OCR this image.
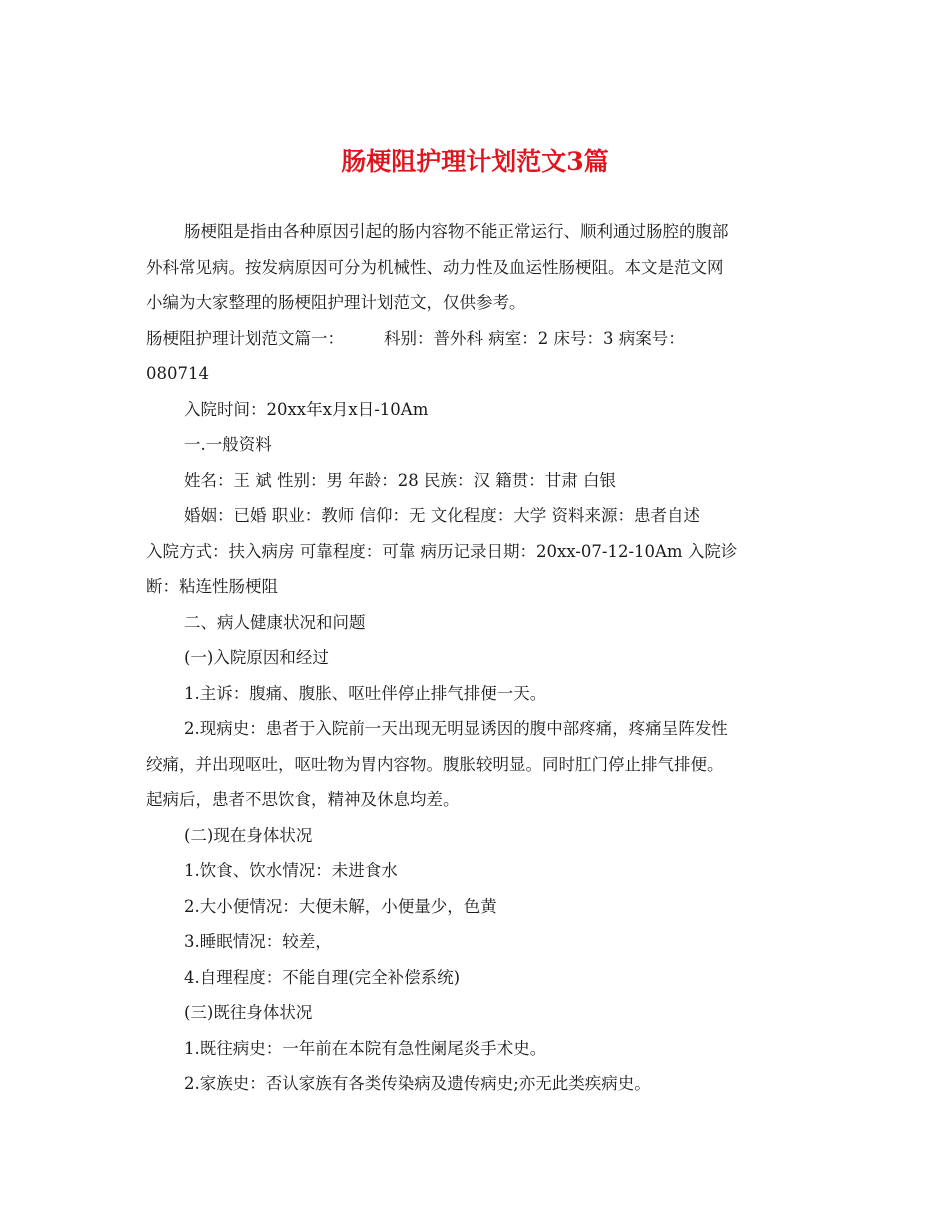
肠梗阻护理计划范文3篇

肠梗阻是指由各种原因引起的肠内容物不能正常运行、顺利通过肠腔的腹部

外科常见病。按发病原因可分为机械性、动力性及血运性肠梗阻。本文是范文网

小编为大家整理的肠梗阻护理计划范文，仅供参考。

肠梗阻护理计划范文篇一： 科别：普外科 病室：2 床号：3 病案号：

080714

入院时间：20xx年x月x日-10Am

一.一般资料

姓名：王 斌 性别：男 年龄：28 民族：汉 籍贯：甘肃 白银

婚姻：已婚 职业：教师 信仰：无 文化程度：大学 资料来源：患者自述

入院方式：扶入病房 可靠程度：可靠 病历记录日期：20xx-07-12-10Am 入院诊

断：粘连性肠梗阻

二、病人健康状况和问题

(一)入院原因和经过

1.主诉：腹痛、腹胀、呕吐伴停止排气排便一天。

2.现病史：患者于入院前一天出现无明显诱因的腹中部疼痛，疼痛呈阵发性

绞痛，并出现呕吐，呕吐物为胃内容物。腹胀较明显。同时肛门停止排气排便。

起病后，患者不思饮食，精神及休息均差。

(二)现在身体状况

1.饮食、饮水情况：未进食水

2.大小便情况：大便未解，小便量少，色黄

3.睡眠情况：较差，

4.自理程度：不能自理(完全补偿系统)

(三)既往身体状况

1.既往病史：一年前在本院有急性阑尾炎手术史。

2.家族史：否认家族有各类传染病及遗传病史;亦无此类疾病史。
